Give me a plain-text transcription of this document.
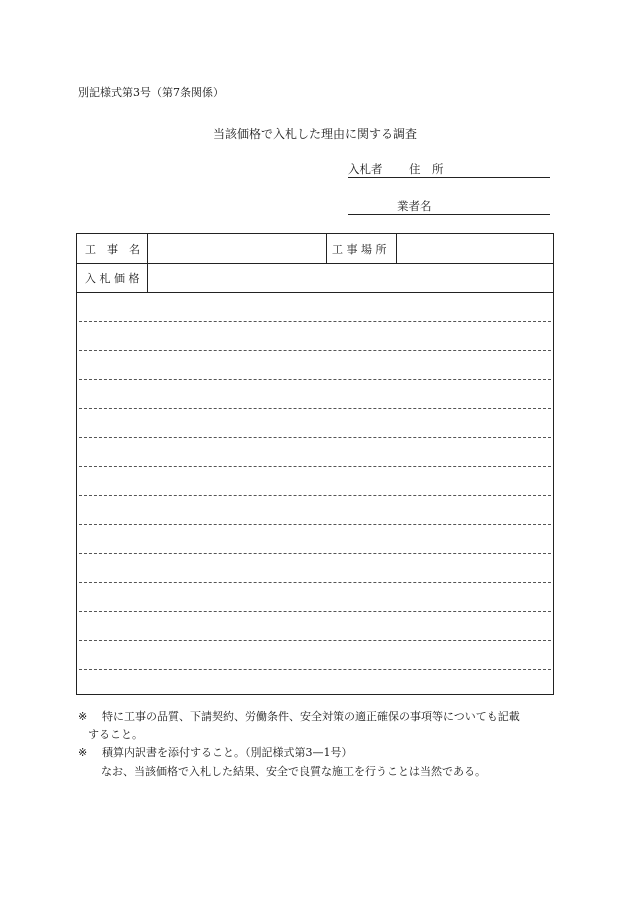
別記様式第3号（第7条関係）
当該価格で入札した理由に関する調査
入札者 住　所
業者名
工　事　名	工 事 場 所
入 札 価 格
※ 特に工事の品質、下請契約、労働条件、安全対策の適正確保の事項等についても記載
すること。
※ 積算内訳書を添付すること。（別記様式第3—1号）
なお、当該価格で入札した結果、安全で良質な施工を行うことは当然である。
